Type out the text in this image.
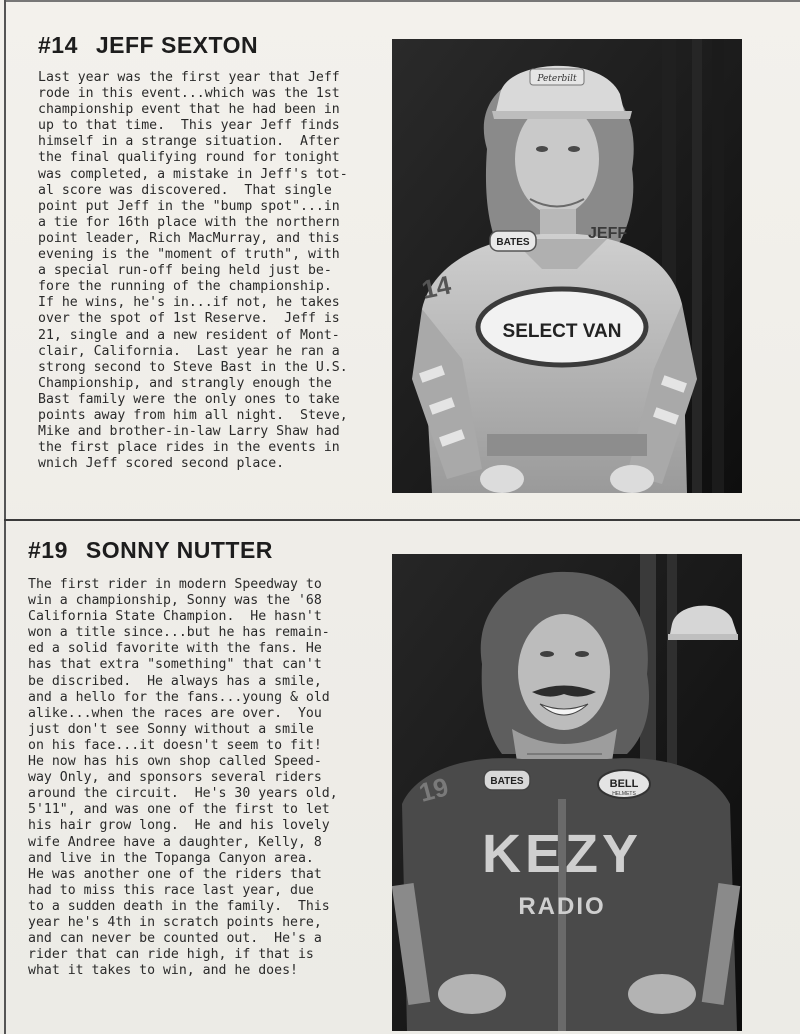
#14 JEFF SEXTON
Last year was the first year that Jeff
rode in this event...which was the 1st
championship event that he had been in
up to that time.  This year Jeff finds
himself in a strange situation.  After
the final qualifying round for tonight
was completed, a mistake in Jeff's tot-
al score was discovered.  That single
point put Jeff in the "bump spot"...in
a tie for 16th place with the northern
point leader, Rich MacMurray, and this
evening is the "moment of truth", with
a special run-off being held just be-
fore the running of the championship.
If he wins, he's in...if not, he takes
over the spot of 1st Reserve.  Jeff is
21, single and a new resident of Mont-
clair, California.  Last year he ran a
strong second to Steve Bast in the U.S.
Championship, and strangly enough the
Bast family were the only ones to take
points away from him all night.  Steve,
Mike and brother-in-law Larry Shaw had
the first place rides in the events in
wnich Jeff scored second place.
Peterbilt
BATES
JEFF
14
SELECT VAN
#19 SONNY NUTTER
The first rider in modern Speedway to
win a championship, Sonny was the '68
California State Champion.  He hasn't
won a title since...but he has remain-
ed a solid favorite with the fans. He
has that extra "something" that can't
be discribed.  He always has a smile,
and a hello for the fans...young & old
alike...when the races are over.  You
just don't see Sonny without a smile
on his face...it doesn't seem to fit!
He now has his own shop called Speed-
way Only, and sponsors several riders
around the circuit.  He's 30 years old,
5'11", and was one of the first to let
his hair grow long.  He and his lovely
wife Andree have a daughter, Kelly, 8
and live in the Topanga Canyon area.
He was another one of the riders that
had to miss this race last year, due
to a sudden death in the family.  This
year he's 4th in scratch points here,
and can never be counted out.  He's a
rider that can ride high, if that is
what it takes to win, and he does!
BATES	BELL
HELMETS
19
KEZY
RADIO
